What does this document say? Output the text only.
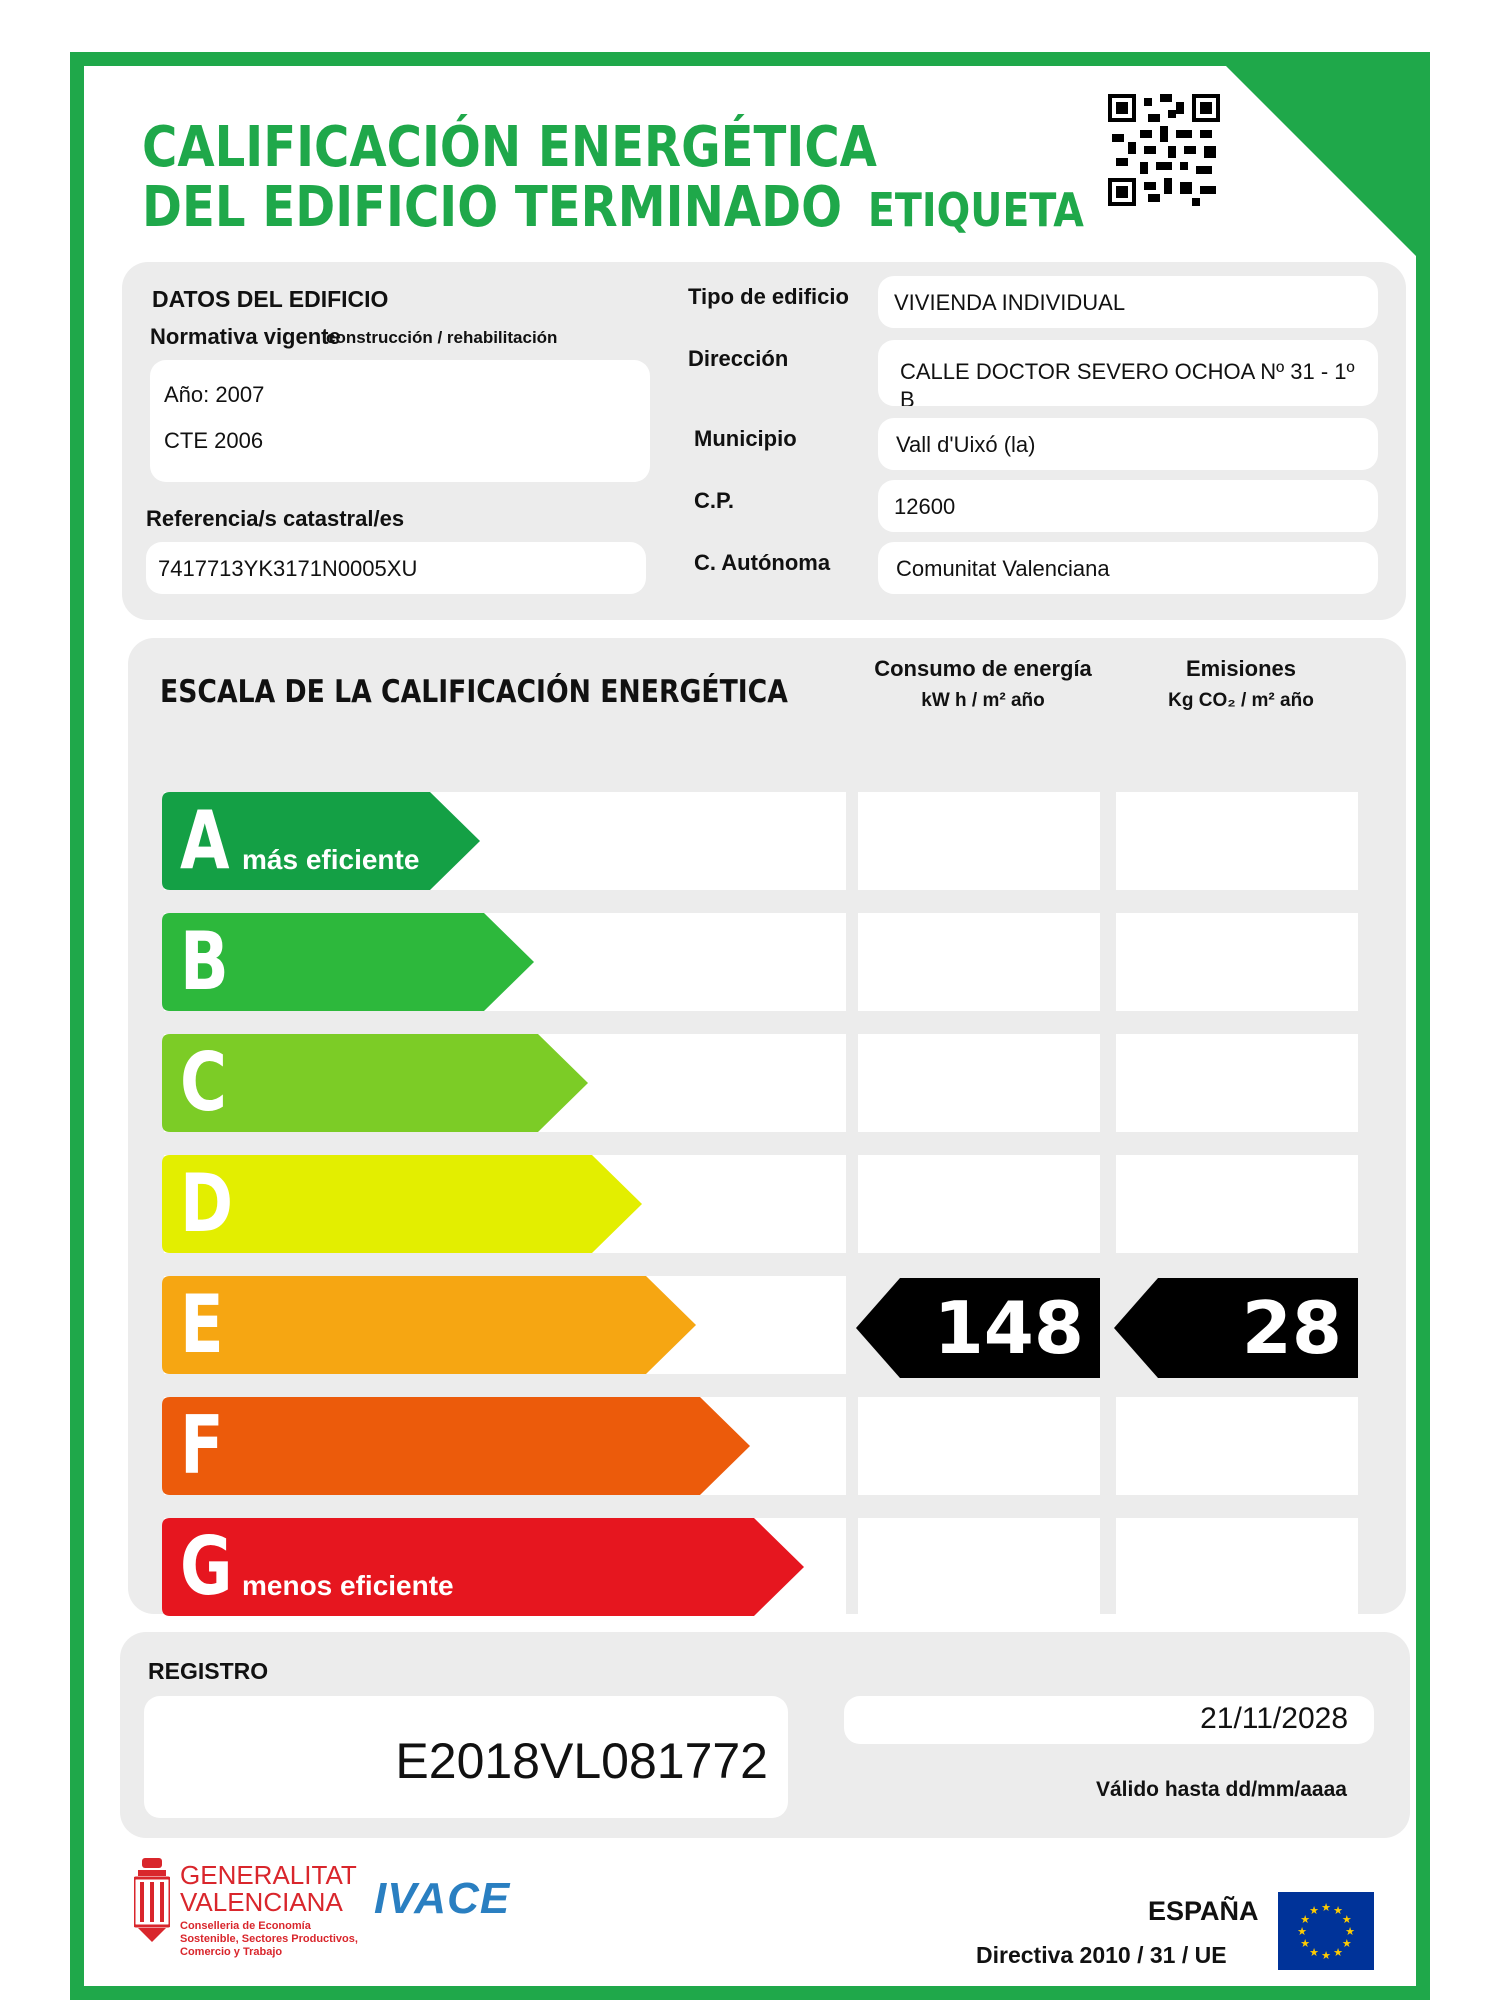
CALIFICACIÓN ENERGÉTICA
DEL EDIFICIO TERMINADO ETIQUETA
DATOS DEL EDIFICIO
Normativa vigente
construcción / rehabilitación
Año: 2007
CTE 2006
Referencia/s catastral/es
7417713YK3171N0005XU
Tipo de edificio VIVIENDA INDIVIDUAL
Dirección
CALLE DOCTOR SEVERO OCHOA Nº 31 - 1º B
Municipio	Vall d'Uixó (la)
C.P.	12600
C. Autónoma	Comunitat Valenciana
ESCALA DE LA CALIFICACIÓN ENERGÉTICA
Consumo de energía
kW h / m² año
Emisiones
Kg CO₂ / m² año
A más eficiente
B
C
D
E	148 28
F
G menos eficiente
REGISTRO
E2018VL081772
21/11/2028
Válido hasta dd/mm/aaaa
GENERALITAT
VALENCIANA
Conselleria de Economía
Sostenible, Sectores Productivos,
Comercio y Trabajo
IVACE	ESPAÑA
Directiva 2010 / 31 / UE
★
★
★
★
★
★
★
★
★ ★ ★
★
